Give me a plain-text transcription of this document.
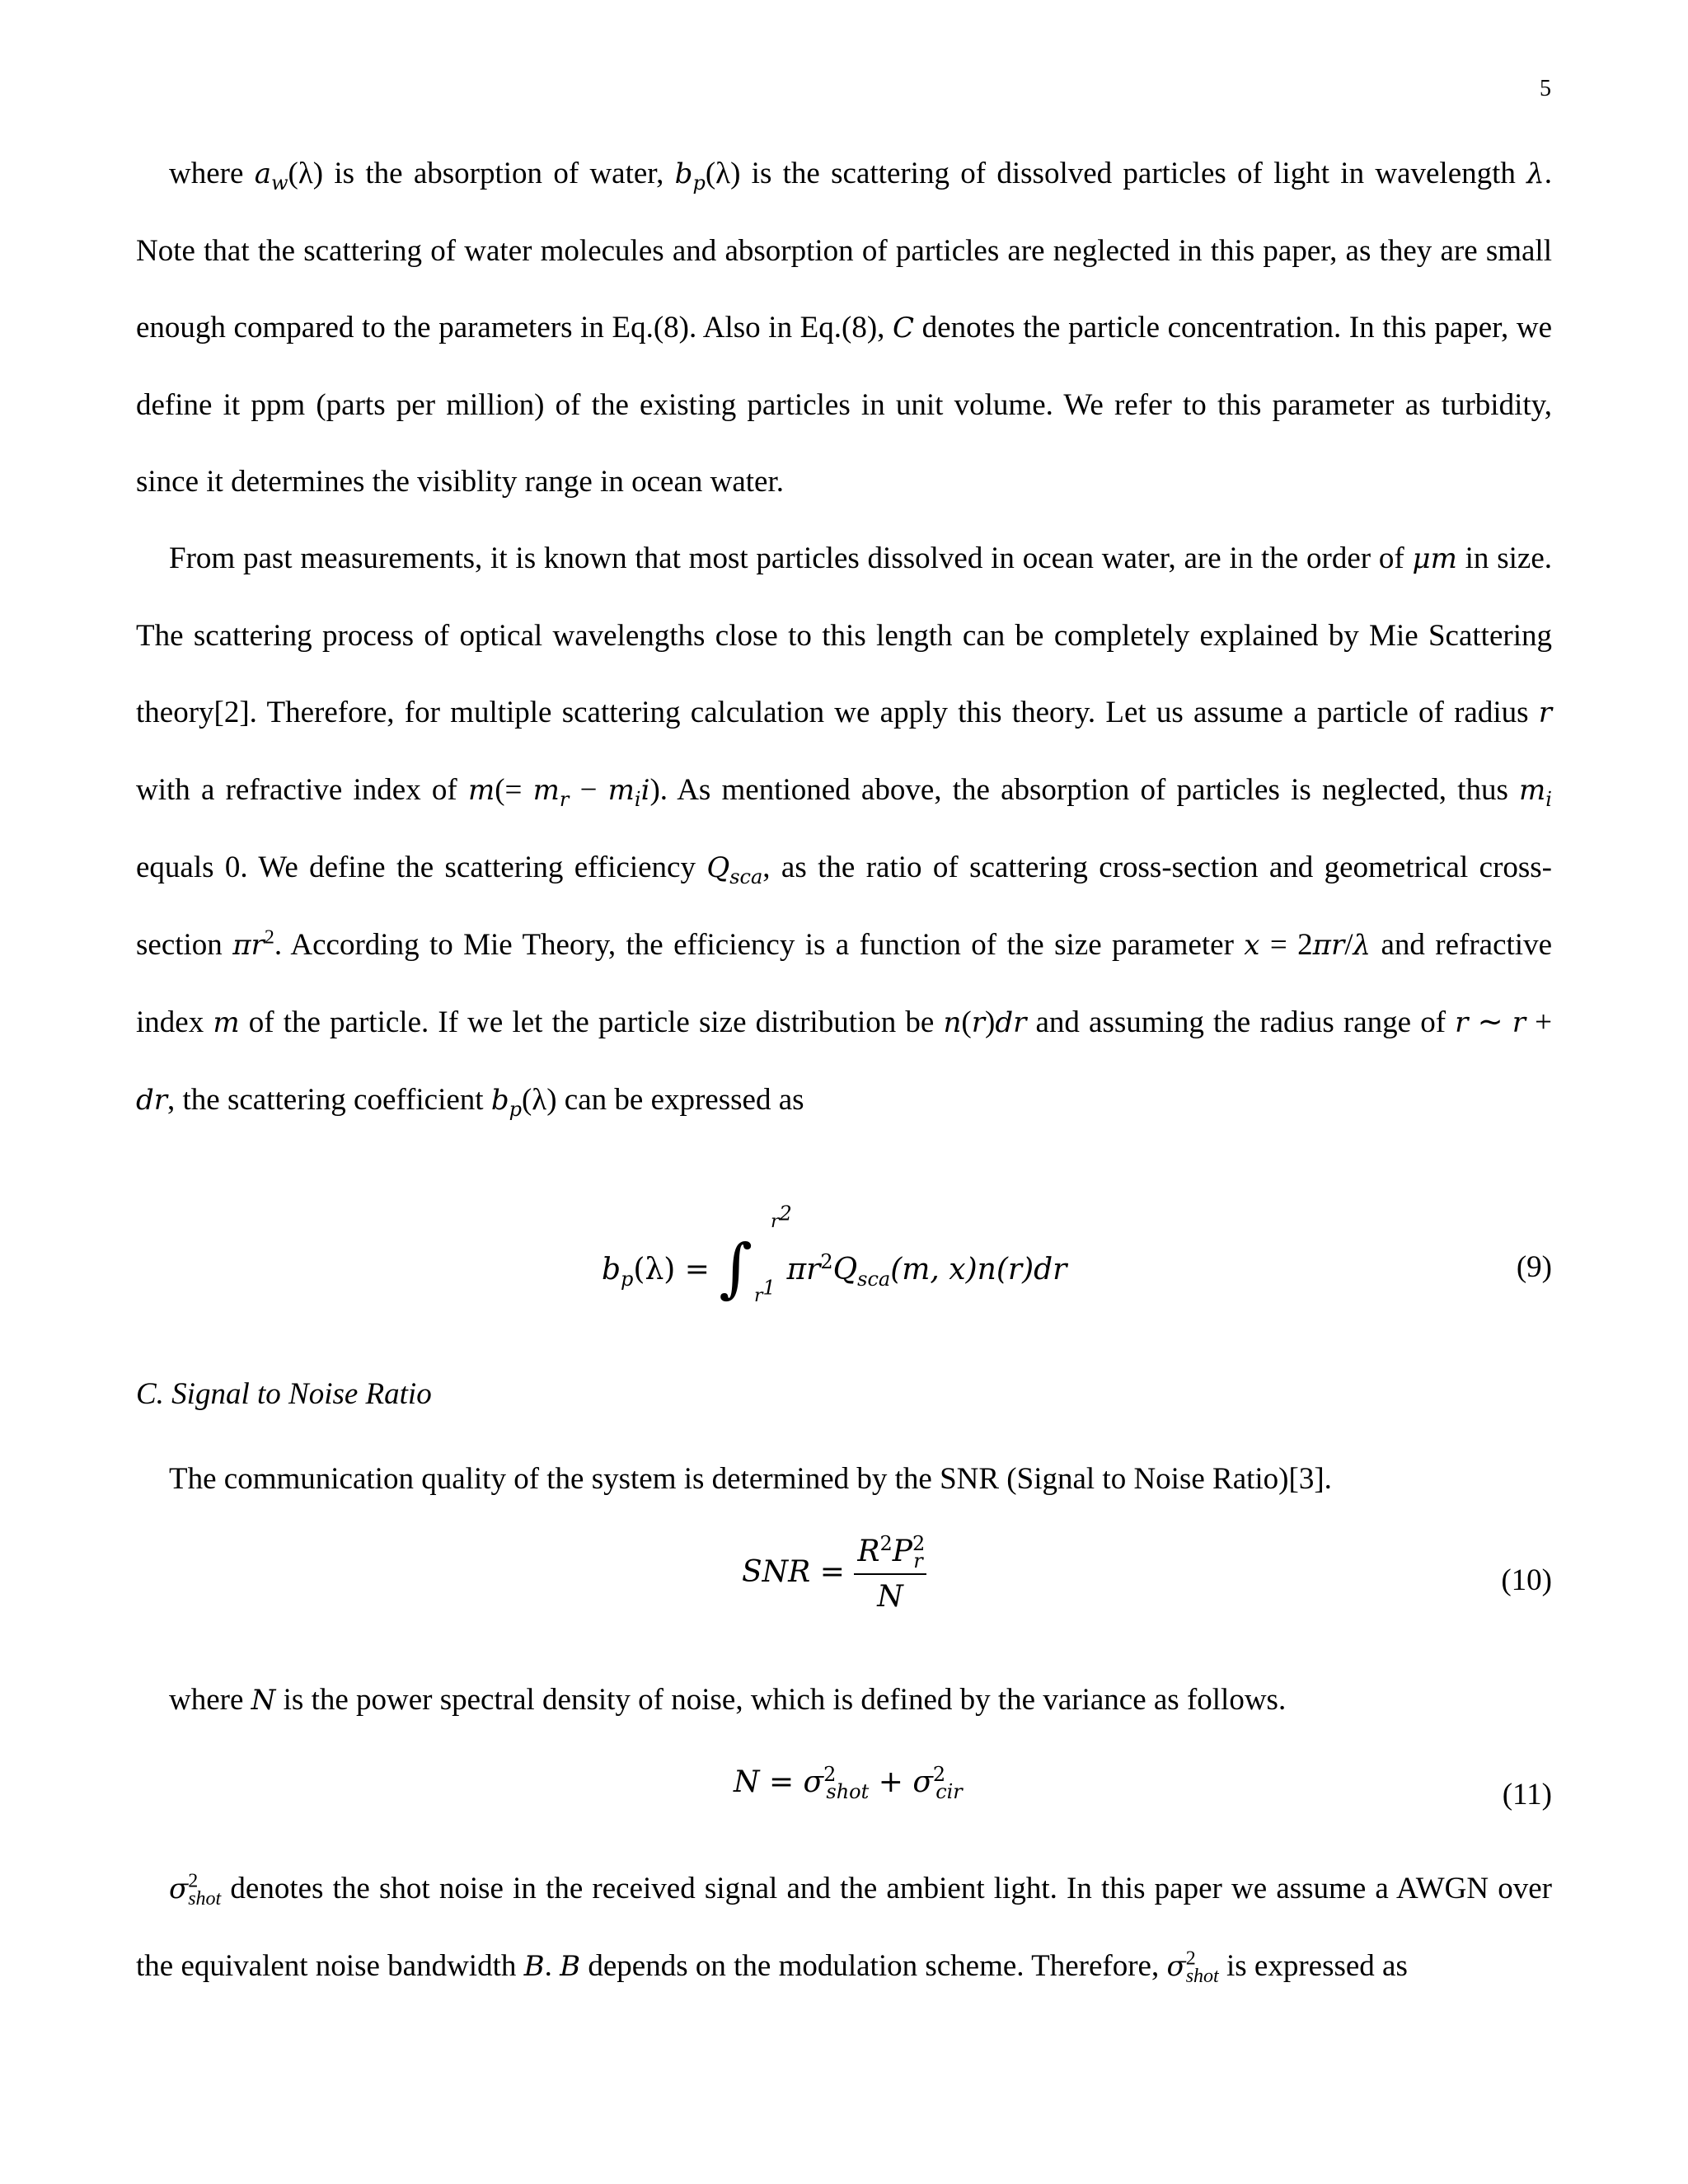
5

where $a_w(\lambda)$ is the absorption of water, $b_p(\lambda)$ is the scattering of dissolved particles of light in wavelength λ. Note that the scattering of water molecules and absorption of particles are neglected in this paper, as they are small enough compared to the parameters in Eq.(8). Also in Eq.(8), C denotes the particle concentration. In this paper, we define it ppm (parts per million) of the existing particles in unit volume. We refer to this parameter as turbidity, since it determines the visiblity range in ocean water.

From past measurements, it is known that most particles dissolved in ocean water, are in the order of μm in size. The scattering process of optical wavelengths close to this length can be completely explained by Mie Scattering theory[2]. Therefore, for multiple scattering calculation we apply this theory. Let us assume a particle of radius r with a refractive index of $m(= m_r - m_ii)$. As mentioned above, the absorption of particles is neglected, thus $m_i$ equals 0. We define the scattering efficiency $Q_{sca}$, as the ratio of scattering cross-section and geometrical cross-section $\pi r^2$. According to Mie Theory, the efficiency is a function of the size parameter x = 2πr/λ and refractive index m of the particle. If we let the particle size distribution be n(r)dr and assuming the radius range of r ∼ r + dr, the scattering coefficient $b_p(\lambda)$ can be expressed as

$b_p(\lambda)$ = ∫
$r^2$
$r^1$
$\pi r^2Q_{sca}(m$, x)n(r)dr	(9)
C. Signal to Noise Ratio

The communication quality of the system is determined by the SNR (Signal to Noise Ratio)[3].

SNR = $\frac{R^2P^2_r}{N}$	(10)

where N is the power spectral density of noise, which is defined by the variance as follows.

$N = \sigma^2_{shot} + \sigma^2_{cir}$	(11)

$\sigma^2_{shot}$ denotes the shot noise in the received signal and the ambient light. In this paper we assume a AWGN over the equivalent noise bandwidth B. B depends on the modulation scheme. Therefore, $\sigma^2_{shot}$ is expressed as
